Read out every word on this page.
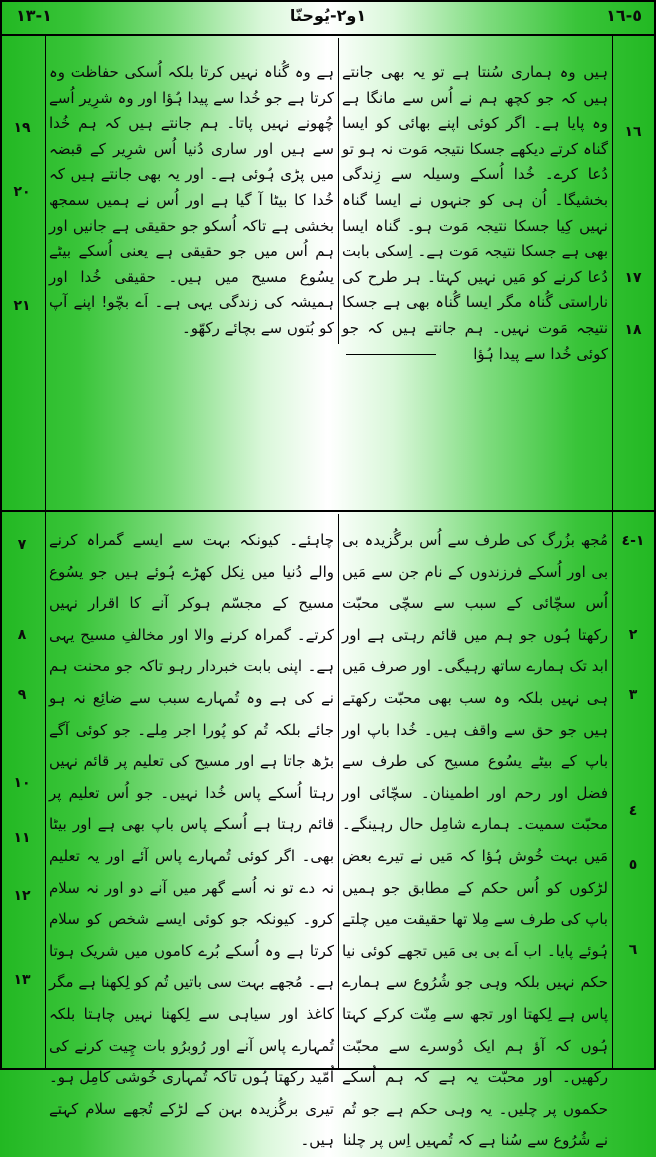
١-١٣	١و٢-یُوحنّا	٥-١٦
ہیں وہ ہماری سُنتا ہے تو یہ بھی جانتے ہیں کہ جو کچھ ہم نے اُس سے مانگا ہے وہ پایا ہے۔ اگر کوئی اپنے بھائی کو ایسا گناہ کرتے دیکھے جسکا نتیجہ مَوت نہ ہو تو دُعا کرے۔ خُدا اُسکے وسیلہ سے زِندگی بخشیگا۔ اُن ہی کو جنہوں نے ایسا گناہ نہیں کِیا جسکا نتیجہ مَوت ہو۔ گناہ ایسا بھی ہے جسکا نتیجہ مَوت ہے۔ اِسکی بابت دُعا کرنے کو مَیں نہیں کہتا۔ ہر طرح کی ناراستی گُناہ مگر ایسا گُناہ بھی ہے جسکا نتیجہ مَوت نہیں۔ ہم جانتے ہیں کہ جو کوئی خُدا سے پیدا ہُؤا
ہے وہ گُناہ نہیں کرتا بلکہ اُسکی حفاظت وہ کرتا ہے جو خُدا سے پیدا ہُؤا اور وہ شرِیر اُسے چُھونے نہیں پاتا۔ ہم جانتے ہیں کہ ہم خُدا سے ہیں اور ساری دُنیا اُس شرِیر کے قبضہ میں پڑی ہُوئی ہے۔ اور یہ بھی جانتے ہیں کہ خُدا کا بیٹا آ گیا ہے اور اُس نے ہمیں سمجھ بخشی ہے تاکہ اُسکو جو حقیقی ہے جانیں اور ہم اُس میں جو حقیقی ہے یعنی اُسکے بیٹے یسُوع مسیح میں ہیں۔ حقیقی خُدا اور ہمیشہ کی زندگی یہی ہے۔ اَے بچّو! اپنے آپ کو بُتوں سے بچائے رکھّو۔
١٦
١٧
١٨
١٩
٢٠
٢١
مُجھ بزُرگ کی طرف سے اُس برگُزیدہ بی بی اور اُسکے فرزندوں کے نام جن سے مَیں اُس سچّائی کے سبب سے سچّی محبّت رکھتا ہُوں جو ہم میں قائم رہتی ہے اور ابد تک ہمارے ساتھ رہیگی۔ اور صرف مَیں ہی نہیں بلکہ وہ سب بھی محبّت رکھتے ہیں جو حق سے واقف ہیں۔ خُدا باپ اور باپ کے بیٹے یسُوع مسیح کی طرف سے فضل اور رحم اور اطمینان۔ سچّائی اور محبّت سمیت۔ ہمارے شامِل حال رہینگے۔ مَیں بہت خُوش ہُؤا کہ مَیں نے تیرے بعض لڑکوں کو اُس حکم کے مطابق جو ہمیں باپ کی طرف سے مِلا تھا حقیقت میں چلتے ہُوئے پایا۔ اب اَے بی بی مَیں تجھے کوئی نیا حکم نہیں بلکہ وہی جو شُرُوع سے ہمارے پاس ہے لِکھتا اور تجھ سے مِنّت کرکے کہتا ہُوں کہ آؤ ہم ایک دُوسرے سے محبّت رکھیں۔ اور محبّت یہ ہے کہ ہم اُسکے حکموں پر چلیں۔ یہ وہی حکم ہے جو تُم نے شُرُوع سے سُنا ہے کہ تُمہیں اِس پر چلنا
چاہئے۔ کیونکہ بہت سے ایسے گمراہ کرنے والے دُنیا میں نِکل کھڑے ہُوئے ہیں جو یسُوع مسیح کے مجسّم ہوکر آنے کا اقرار نہیں کرتے۔ گمراہ کرنے والا اور مخالفِ مسیح یہی ہے۔ اپنی بابت خبردار رہو تاکہ جو محنت ہم نے کی ہے وہ تُمہارے سبب سے ضائِع نہ ہو جائے بلکہ تُم کو پُورا اجر مِلے۔ جو کوئی آگے بڑھ جاتا ہے اور مسیح کی تعلیم پر قائم نہیں رہتا اُسکے پاس خُدا نہیں۔ جو اُس تعلیم پر قائم رہتا ہے اُسکے پاس باپ بھی ہے اور بیٹا بھی۔ اگر کوئی تُمہارے پاس آئے اور یہ تعلیم نہ دے تو نہ اُسے گھر میں آنے دو اور نہ سلام کرو۔ کیونکہ جو کوئی ایسے شخص کو سلام کرتا ہے وہ اُسکے بُرے کاموں میں شریک ہوتا ہے۔ مُجھے بہت سی باتیں تُم کو لِکھنا ہے مگر کاغذ اور سیاہی سے لِکھنا نہیں چاہتا بلکہ تُمہارے پاس آنے اور رُوبرُو بات چِیت کرنے کی اُمّید رکھتا ہُوں تاکہ تُمہاری خُوشی کامِل ہو۔ تیری برگُزیدہ بہن کے لڑکے تُجھے سلام کہتے ہیں۔
١-٤
٢
٣
٤
٥
٦
٧
٨
٩
١٠
١١
١٢
١٣
